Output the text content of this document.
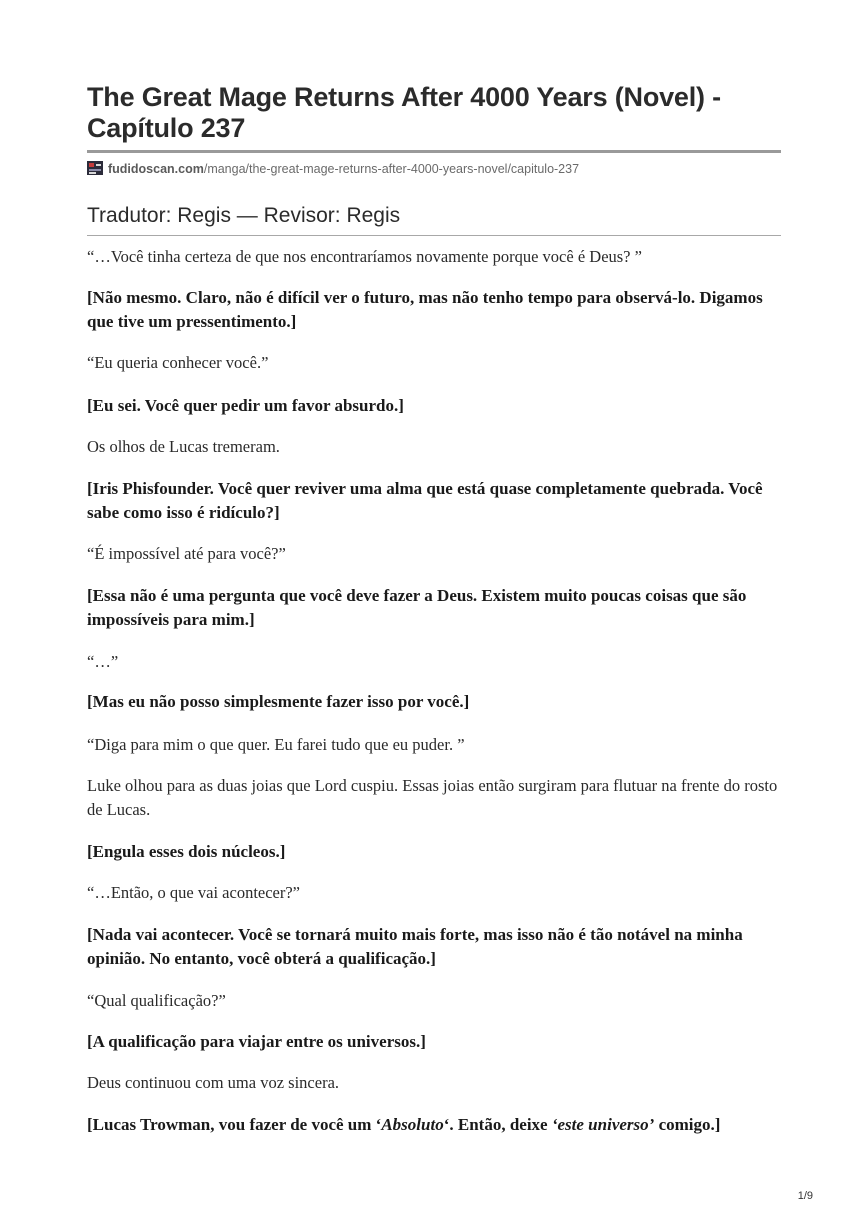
The Great Mage Returns After 4000 Years (Novel) - Capítulo 237
fudidoscan.com/manga/the-great-mage-returns-after-4000-years-novel/capitulo-237
Tradutor: Regis — Revisor: Regis

“…Você tinha certeza de que nos encontraríamos novamente porque você é Deus? ”

[Não mesmo. Claro, não é difícil ver o futuro, mas não tenho tempo para observá-lo. Digamos que tive um pressentimento.]

“Eu queria conhecer você.”

[Eu sei. Você quer pedir um favor absurdo.]

Os olhos de Lucas tremeram.

[Iris Phisfounder. Você quer reviver uma alma que está quase completamente quebrada. Você sabe como isso é ridículo?]

“É impossível até para você?”

[Essa não é uma pergunta que você deve fazer a Deus. Existem muito poucas coisas que são impossíveis para mim.]

“…”

[Mas eu não posso simplesmente fazer isso por você.]

“Diga para mim o que quer. Eu farei tudo que eu puder. ”

Luke olhou para as duas joias que Lord cuspiu. Essas joias então surgiram para flutuar na frente do rosto de Lucas.

[Engula esses dois núcleos.]

“…Então, o que vai acontecer?”

[Nada vai acontecer. Você se tornará muito mais forte, mas isso não é tão notável na minha opinião. No entanto, você obterá a qualificação.]

“Qual qualificação?”

[A qualificação para viajar entre os universos.]

Deus continuou com uma voz sincera.

[Lucas Trowman, vou fazer de você um ‘Absoluto‘. Então, deixe ‘este universo’ comigo.]

1/9
